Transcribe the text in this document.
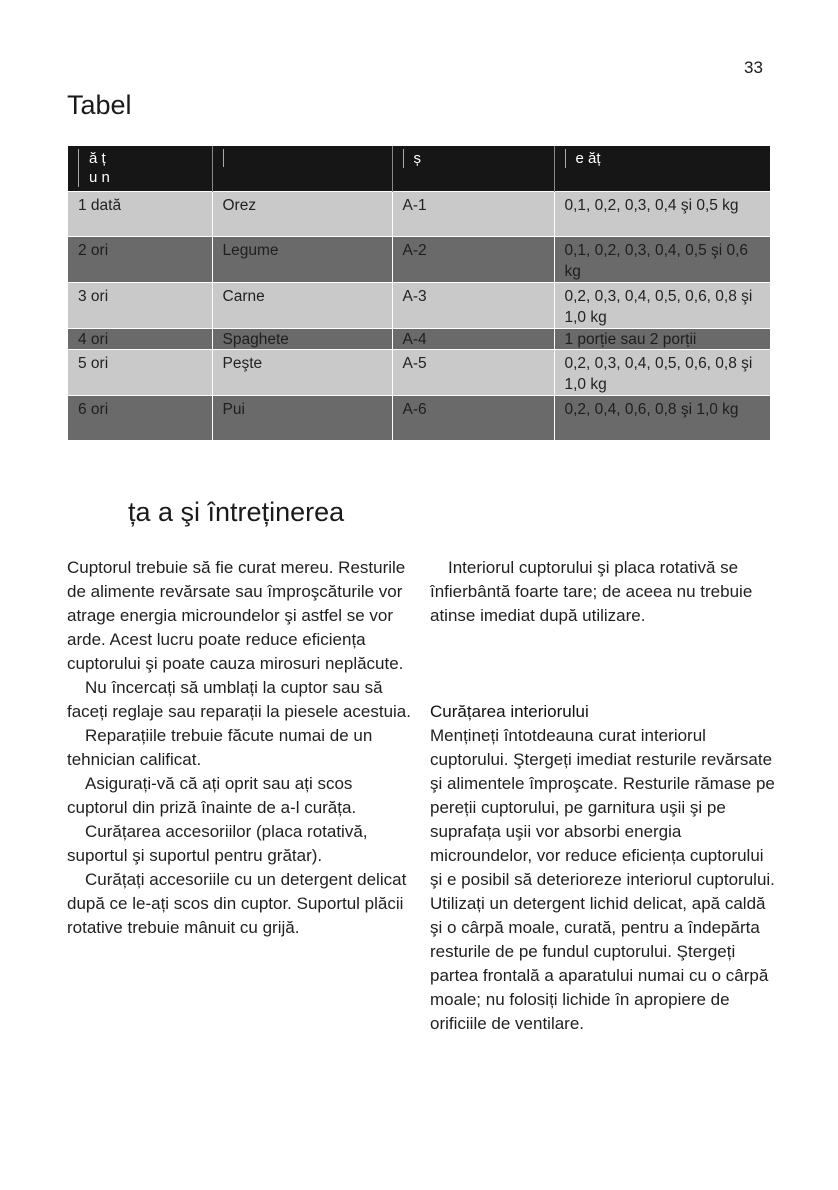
33
Tabel
ă ț
u n		ș	e ăț
1 dată	Orez	A-1	0,1, 0,2, 0,3, 0,4 şi 0,5 kg
2 ori	Legume	A-2	0,1, 0,2, 0,3, 0,4, 0,5 şi 0,6 kg
3 ori	Carne	A-3	0,2, 0,3, 0,4, 0,5, 0,6, 0,8 şi 1,0 kg
4 ori	Spaghete	A-4	1 porție sau 2 porții
5 ori	Peşte	A-5	0,2, 0,3, 0,4, 0,5, 0,6, 0,8 şi 1,0 kg
6 ori	Pui	A-6	0,2, 0,4, 0,6, 0,8 şi 1,0 kg
ța a şi întreținerea

Cuptorul trebuie să fie curat mereu. Resturile de alimente revărsate sau împroşcăturile vor atrage energia microundelor şi astfel se vor arde. Acest lucru poate reduce eficiența cuptorului şi poate cauza mirosuri neplăcute.

Nu încercați să umblați la cuptor sau să faceți reglaje sau reparații la piesele acestuia.

Reparațiile trebuie făcute numai de un tehnician calificat.

Asigurați-vă că ați oprit sau ați scos cuptorul din priză înainte de a-l curăța.

Curățarea accesoriilor (placa rotativă, suportul şi suportul pentru grătar).

Curățați accesoriile cu un detergent delicat după ce le-ați scos din cuptor. Suportul plăcii rotative trebuie mânuit cu grijă.

Interiorul cuptorului şi placa rotativă se înfierbântă foarte tare; de aceea nu trebuie atinse imediat după utilizare.

Curățarea interiorului

Mențineți întotdeauna curat interiorul cuptorului. Ştergeți imediat resturile revărsate şi alimentele împroşcate. Resturile rămase pe pereții cuptorului, pe garnitura uşii şi pe suprafața uşii vor absorbi energia microundelor, vor reduce eficiența cuptorului şi e posibil să deterioreze interiorul cuptorului. Utilizați un detergent lichid delicat, apă caldă şi o cârpă moale, curată, pentru a îndepărta resturile de pe fundul cuptorului. Ştergeți partea frontală a aparatului numai cu o cârpă moale; nu folosiți lichide în apropiere de orificiile de ventilare.
